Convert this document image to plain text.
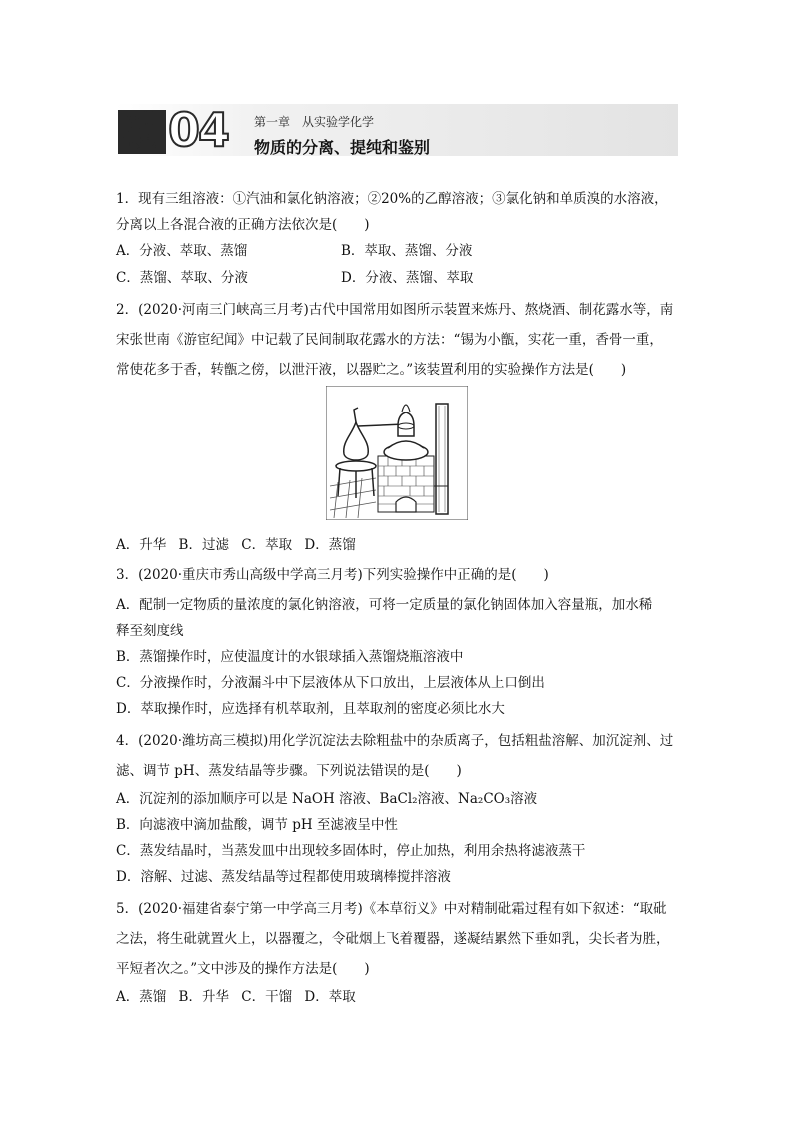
专题
微型 04 第一章　从实验学化学
物质的分离、提纯和鉴别
1．现有三组溶液：①汽油和氯化钠溶液；②20%的乙醇溶液；③氯化钠和单质溴的水溶液，
分离以上各混合液的正确方法依次是(　　)
A．分液、萃取、蒸馏	B．萃取、蒸馏、分液
C．蒸馏、萃取、分液	D．分液、蒸馏、萃取
2．(2020·河南三门峡高三月考)古代中国常用如图所示装置来炼丹、熬烧酒、制花露水等，南
宋张世南《游宦纪闻》中记载了民间制取花露水的方法：“锡为小甑，实花一重，香骨一重，
常使花多于香，转甑之傍，以泄汗液，以器贮之。”该装置利用的实验操作方法是(　　)
A．升华 B．过滤 C．萃取 D．蒸馏
3．(2020·重庆市秀山高级中学高三月考)下列实验操作中正确的是(　　)
A．配制一定物质的量浓度的氯化钠溶液，可将一定质量的氯化钠固体加入容量瓶，加水稀
释至刻度线
B．蒸馏操作时，应使温度计的水银球插入蒸馏烧瓶溶液中
C．分液操作时，分液漏斗中下层液体从下口放出，上层液体从上口倒出
D．萃取操作时，应选择有机萃取剂，且萃取剂的密度必须比水大
4．(2020·潍坊高三模拟)用化学沉淀法去除粗盐中的杂质离子，包括粗盐溶解、加沉淀剂、过
滤、调节 pH、蒸发结晶等步骤。下列说法错误的是(　　)
A．沉淀剂的添加顺序可以是 NaOH 溶液、BaCl₂溶液、Na₂CO₃溶液
B．向滤液中滴加盐酸，调节 pH 至滤液呈中性
C．蒸发结晶时，当蒸发皿中出现较多固体时，停止加热，利用余热将滤液蒸干
D．溶解、过滤、蒸发结晶等过程都使用玻璃棒搅拌溶液
5．(2020·福建省泰宁第一中学高三月考)《本草衍义》中对精制砒霜过程有如下叙述：“取砒
之法，将生砒就置火上，以器覆之，令砒烟上飞着覆器，遂凝结累然下垂如乳，尖长者为胜，
平短者次之。”文中涉及的操作方法是(　　)
A．蒸馏 B．升华 C．干馏 D．萃取
